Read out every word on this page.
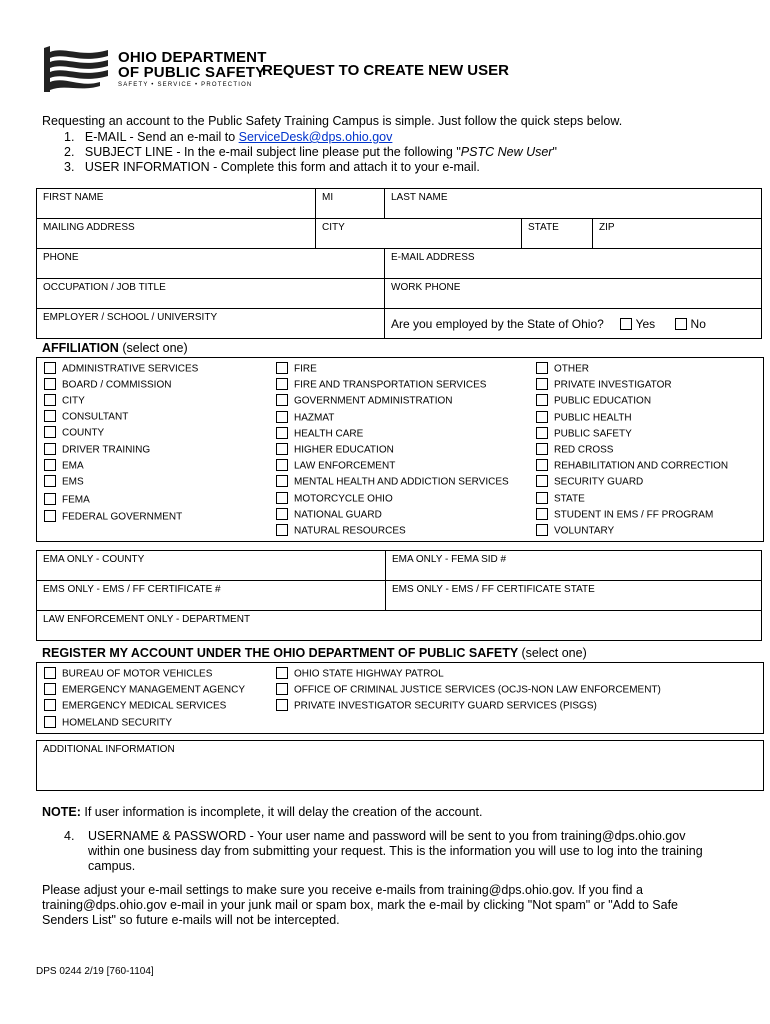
OHIO DEPARTMENT
OF PUBLIC SAFETY
SAFETY • SERVICE • PROTECTION
REQUEST TO CREATE NEW USER
Requesting an account to the Public Safety Training Campus is simple. Just follow the quick steps below.
1. E-MAIL - Send an e-mail to ServiceDesk@dps.ohio.gov
2. SUBJECT LINE - In the e-mail subject line please put the following "PSTC New User"
3. USER INFORMATION - Complete this form and attach it to your e-mail.
FIRST NAME	MI	LAST NAME		
MAILING ADDRESS	CITY		STATE	ZIP
PHONE		E-MAIL ADDRESS		
OCCUPATION / JOB TITLE		WORK PHONE		
EMPLOYER / SCHOOL / UNIVERSITY		Are you employed by the State of Ohio? Yes No		
AFFILIATION (select one)
ADMINISTRATIVE SERVICES
BOARD / COMMISSION
CITY
CONSULTANT
COUNTY
DRIVER TRAINING
EMA
EMS
FEMA
FEDERAL GOVERNMENT
FIRE
FIRE AND TRANSPORTATION SERVICES
GOVERNMENT ADMINISTRATION
HAZMAT
HEALTH CARE
HIGHER EDUCATION
LAW ENFORCEMENT
MENTAL HEALTH AND ADDICTION SERVICES
MOTORCYCLE OHIO
NATIONAL GUARD
NATURAL RESOURCES
OTHER
PRIVATE INVESTIGATOR
PUBLIC EDUCATION
PUBLIC HEALTH
PUBLIC SAFETY
RED CROSS
REHABILITATION AND CORRECTION
SECURITY GUARD
STATE
STUDENT IN EMS / FF PROGRAM
VOLUNTARY
EMA ONLY - COUNTY	EMA ONLY - FEMA SID #
EMS ONLY - EMS / FF CERTIFICATE #	EMS ONLY - EMS / FF CERTIFICATE STATE
LAW ENFORCEMENT ONLY - DEPARTMENT	
REGISTER MY ACCOUNT UNDER THE OHIO DEPARTMENT OF PUBLIC SAFETY (select one)
BUREAU OF MOTOR VEHICLES
EMERGENCY MANAGEMENT AGENCY
EMERGENCY MEDICAL SERVICES
HOMELAND SECURITY
OHIO STATE HIGHWAY PATROL
OFFICE OF CRIMINAL JUSTICE SERVICES (OCJS-NON LAW ENFORCEMENT)
PRIVATE INVESTIGATOR SECURITY GUARD SERVICES (PISGS)
ADDITIONAL INFORMATION
NOTE: If user information is incomplete, it will delay the creation of the account.
4. USERNAME & PASSWORD - Your user name and password will be sent to you from training@dps.ohio.gov
within one business day from submitting your request. This is the information you will use to log into the training
campus.
Please adjust your e-mail settings to make sure you receive e-mails from training@dps.ohio.gov. If you find a
training@dps.ohio.gov e-mail in your junk mail or spam box, mark the e-mail by clicking "Not spam" or "Add to Safe
Senders List" so future e-mails will not be intercepted.
DPS 0244 2/19 [760-1104]
